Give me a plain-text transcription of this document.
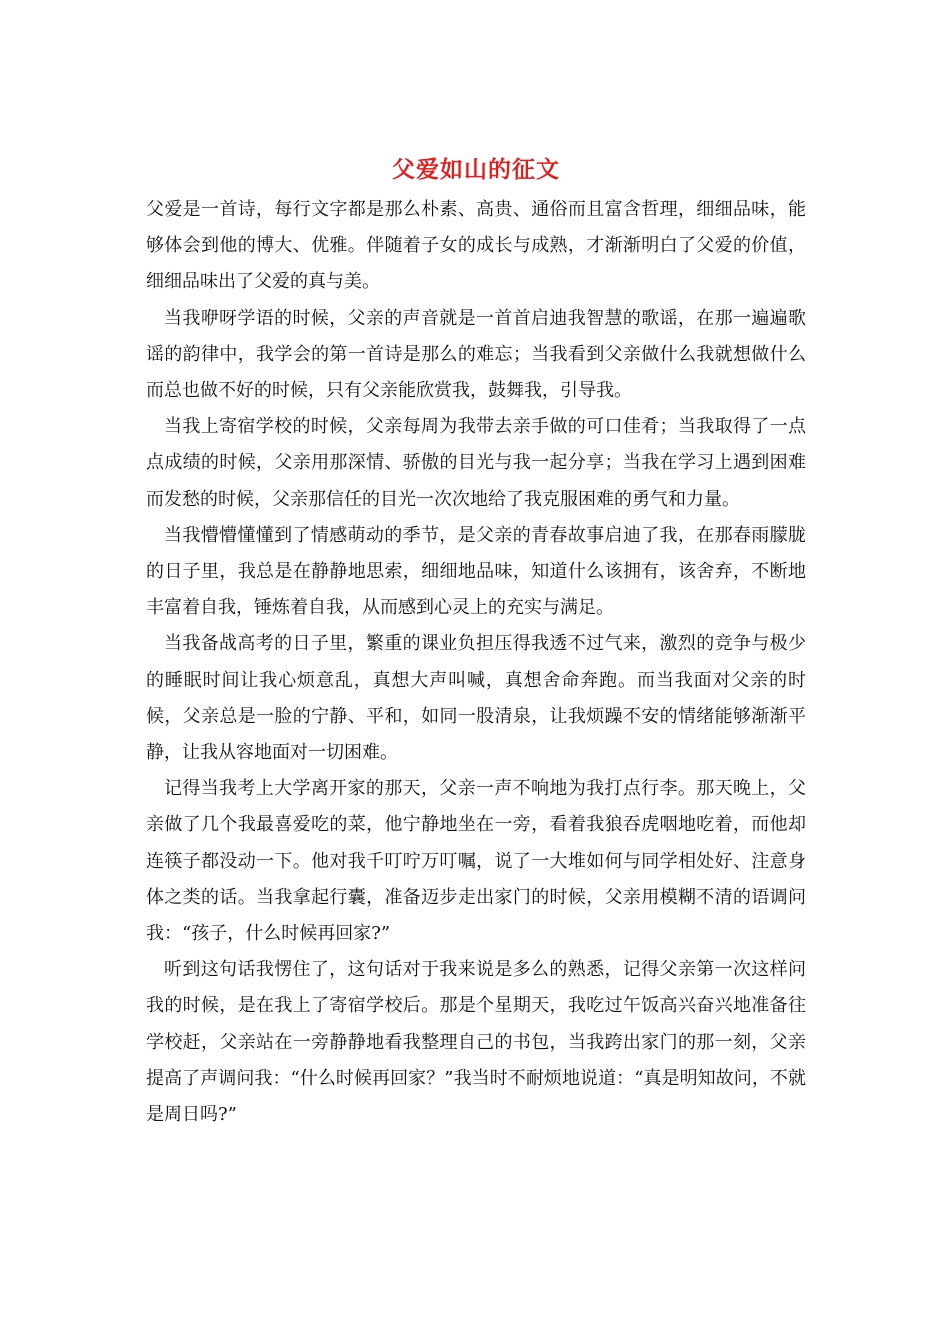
父爱如山的征文

父爱是一首诗，每行文字都是那么朴素、高贵、通俗而且富含哲理，细细品味，能够体会到他的博大、优雅。伴随着子女的成长与成熟，才渐渐明白了父爱的价值，细细品味出了父爱的真与美。

当我咿呀学语的时候，父亲的声音就是一首首启迪我智慧的歌谣，在那一遍遍歌谣的韵律中，我学会的第一首诗是那么的难忘；当我看到父亲做什么我就想做什么而总也做不好的时候，只有父亲能欣赏我，鼓舞我，引导我。

当我上寄宿学校的时候，父亲每周为我带去亲手做的可口佳肴；当我取得了一点点成绩的时候，父亲用那深情、骄傲的目光与我一起分享；当我在学习上遇到困难而发愁的时候，父亲那信任的目光一次次地给了我克服困难的勇气和力量。

当我懵懵懂懂到了情感萌动的季节，是父亲的青春故事启迪了我，在那春雨朦胧的日子里，我总是在静静地思索，细细地品味，知道什么该拥有，该舍弃，不断地丰富着自我，锤炼着自我，从而感到心灵上的充实与满足。

当我备战高考的日子里，繁重的课业负担压得我透不过气来，激烈的竞争与极少的睡眠时间让我心烦意乱，真想大声叫喊，真想舍命奔跑。而当我面对父亲的时候，父亲总是一脸的宁静、平和，如同一股清泉，让我烦躁不安的情绪能够渐渐平静，让我从容地面对一切困难。

记得当我考上大学离开家的那天，父亲一声不响地为我打点行李。那天晚上，父亲做了几个我最喜爱吃的菜，他宁静地坐在一旁，看着我狼吞虎咽地吃着，而他却连筷子都没动一下。他对我千叮咛万叮嘱，说了一大堆如何与同学相处好、注意身体之类的话。当我拿起行囊，准备迈步走出家门的时候，父亲用模糊不清的语调问我：“孩子，什么时候再回家?”

听到这句话我愣住了，这句话对于我来说是多么的熟悉，记得父亲第一次这样问我的时候，是在我上了寄宿学校后。那是个星期天，我吃过午饭高兴奋兴地准备往学校赶，父亲站在一旁静静地看我整理自己的书包，当我跨出家门的那一刻，父亲提高了声调问我：“什么时候再回家？”我当时不耐烦地说道：“真是明知故问，不就是周日吗?”
